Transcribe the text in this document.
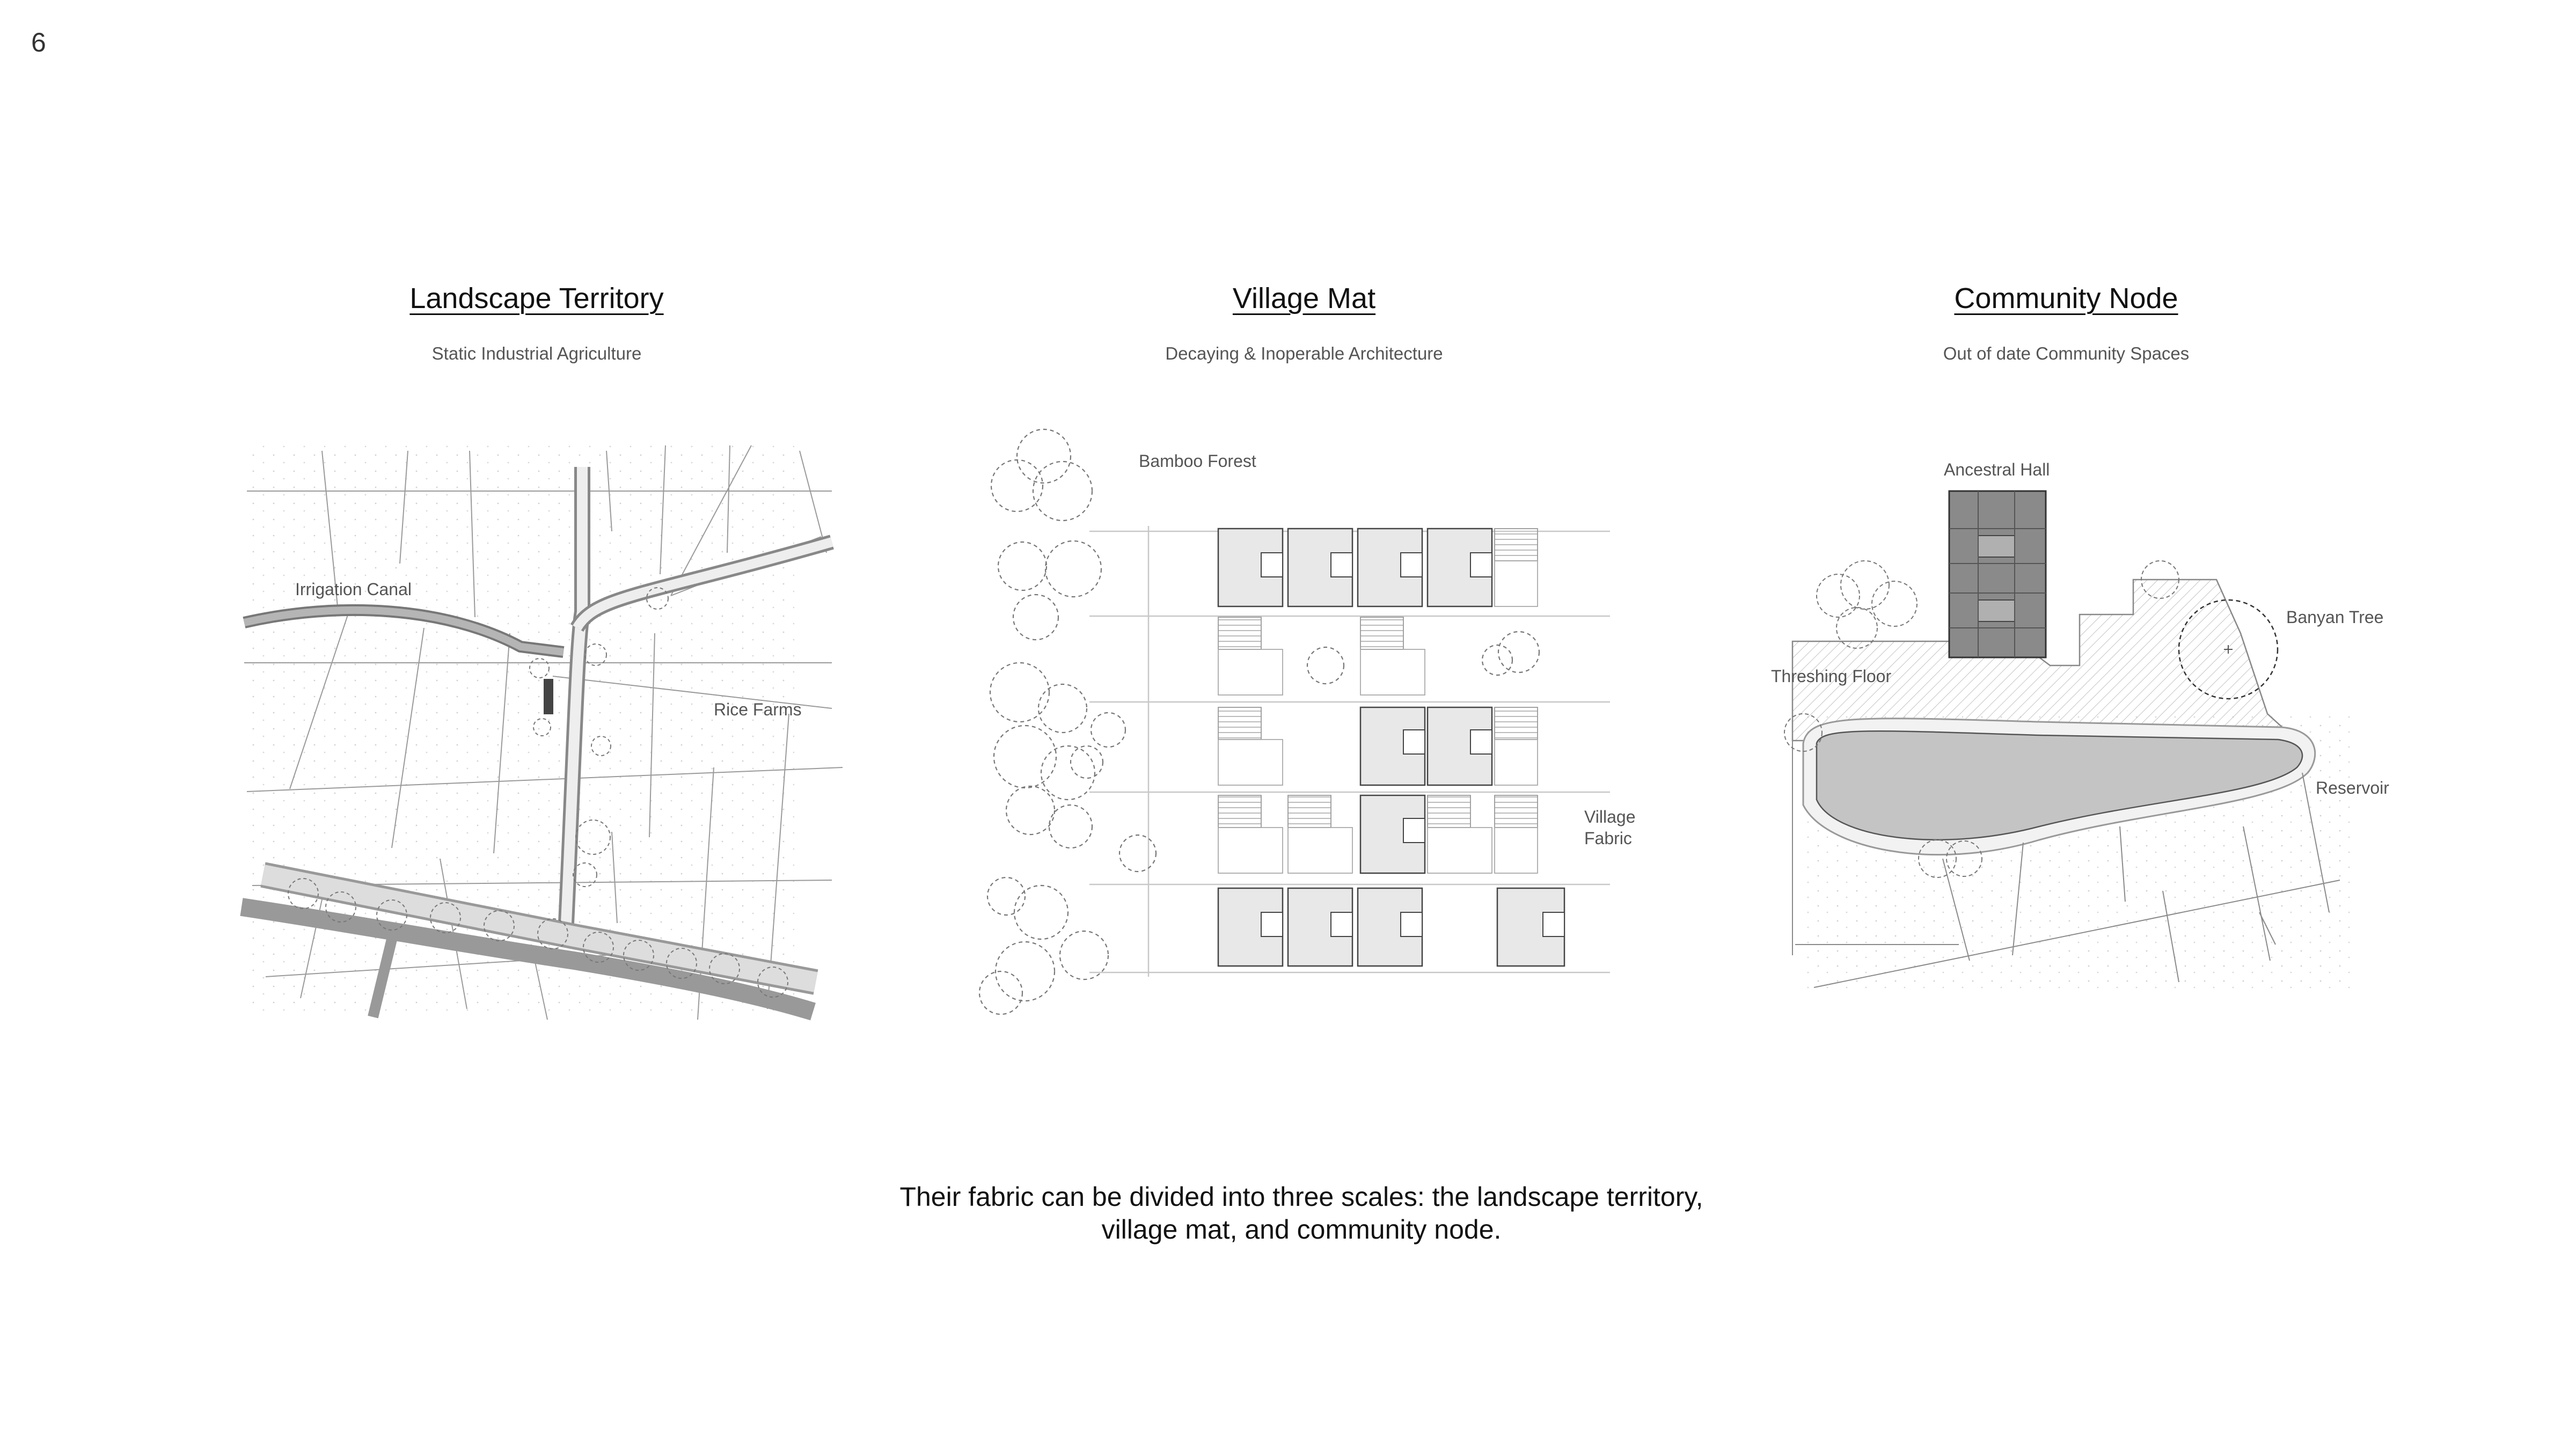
6
Landscape Territory
Static Industrial Agriculture
Irrigation Canal
Rice Farms
Village Mat
Decaying & Inoperable Architecture
Bamboo Forest
Village
Fabric
Community Node
Out of date Community Spaces
Ancestral Hall
Threshing Floor
Banyan Tree
Reservoir
Their fabric can be divided into three scales: the landscape territory, village mat, and community node.
